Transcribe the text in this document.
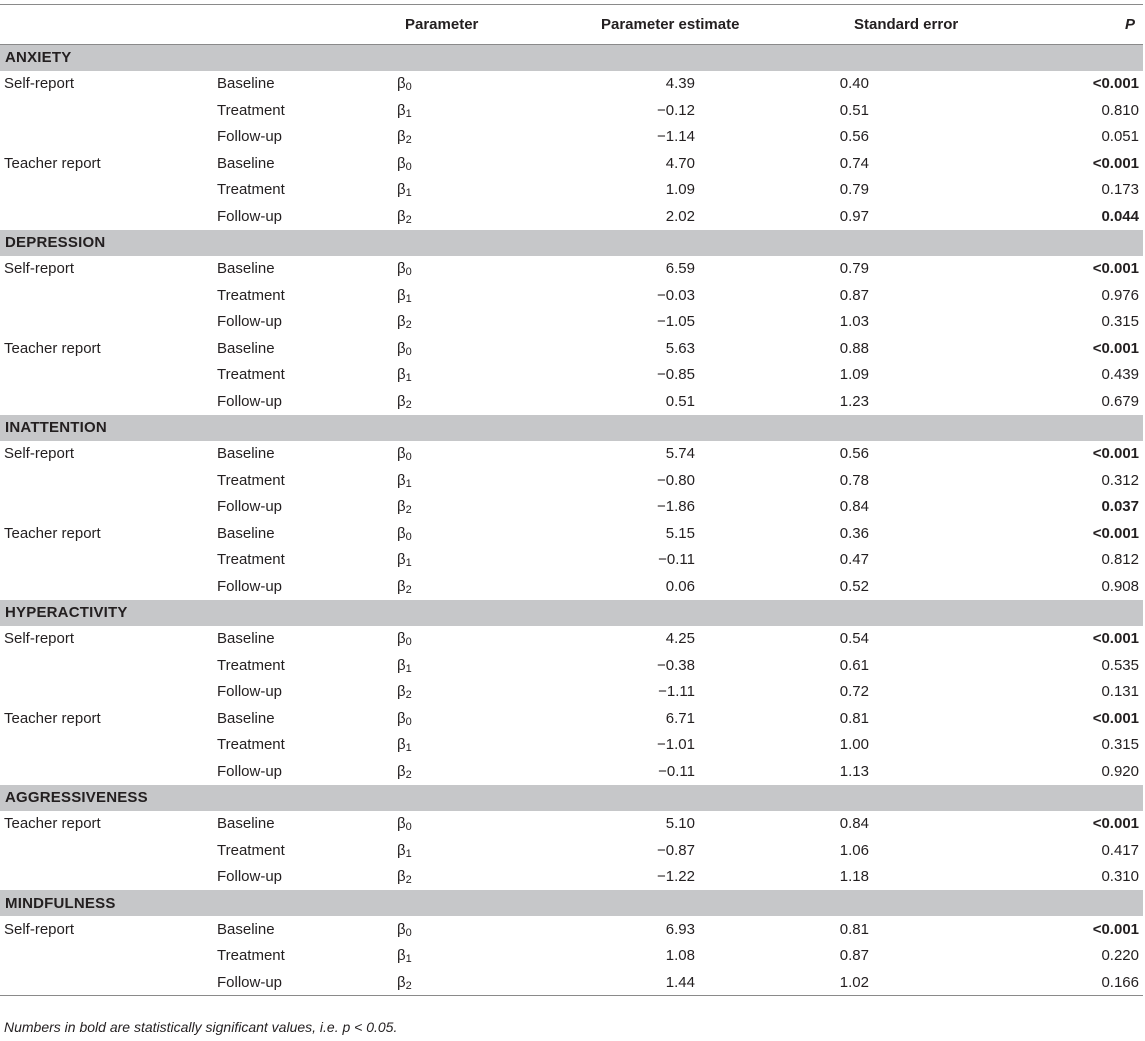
		Parameter	Parameter estimate	Standard error	P
ANXIETY					
Self-report	Baseline	$\beta_0$	4.39	0.40	<0.001
	Treatment	$\beta_1$	−0.12	0.51	0.810
	Follow-up	$\beta_2$	−1.14	0.56	0.051
Teacher report	Baseline	$\beta_0$	4.70	0.74	<0.001
	Treatment	$\beta_1$	1.09	0.79	0.173
	Follow-up	$\beta_2$	2.02	0.97	0.044
DEPRESSION					
Self-report	Baseline	$\beta_0$	6.59	0.79	<0.001
	Treatment	$\beta_1$	−0.03	0.87	0.976
	Follow-up	$\beta_2$	−1.05	1.03	0.315
Teacher report	Baseline	$\beta_0$	5.63	0.88	<0.001
	Treatment	$\beta_1$	−0.85	1.09	0.439
	Follow-up	$\beta_2$	0.51	1.23	0.679
INATTENTION					
Self-report	Baseline	$\beta_0$	5.74	0.56	<0.001
	Treatment	$\beta_1$	−0.80	0.78	0.312
	Follow-up	$\beta_2$	−1.86	0.84	0.037
Teacher report	Baseline	$\beta_0$	5.15	0.36	<0.001
	Treatment	$\beta_1$	−0.11	0.47	0.812
	Follow-up	$\beta_2$	0.06	0.52	0.908
HYPERACTIVITY					
Self-report	Baseline	$\beta_0$	4.25	0.54	<0.001
	Treatment	$\beta_1$	−0.38	0.61	0.535
	Follow-up	$\beta_2$	−1.11	0.72	0.131
Teacher report	Baseline	$\beta_0$	6.71	0.81	<0.001
	Treatment	$\beta_1$	−1.01	1.00	0.315
	Follow-up	$\beta_2$	−0.11	1.13	0.920
AGGRESSIVENESS					
Teacher report	Baseline	$\beta_0$	5.10	0.84	<0.001
	Treatment	$\beta_1$	−0.87	1.06	0.417
	Follow-up	$\beta_2$	−1.22	1.18	0.310
MINDFULNESS					
Self-report	Baseline	$\beta_0$	6.93	0.81	<0.001
	Treatment	$\beta_1$	1.08	0.87	0.220
	Follow-up	$\beta_2$	1.44	1.02	0.166
Numbers in bold are statistically significant values, i.e. p < 0.05.
